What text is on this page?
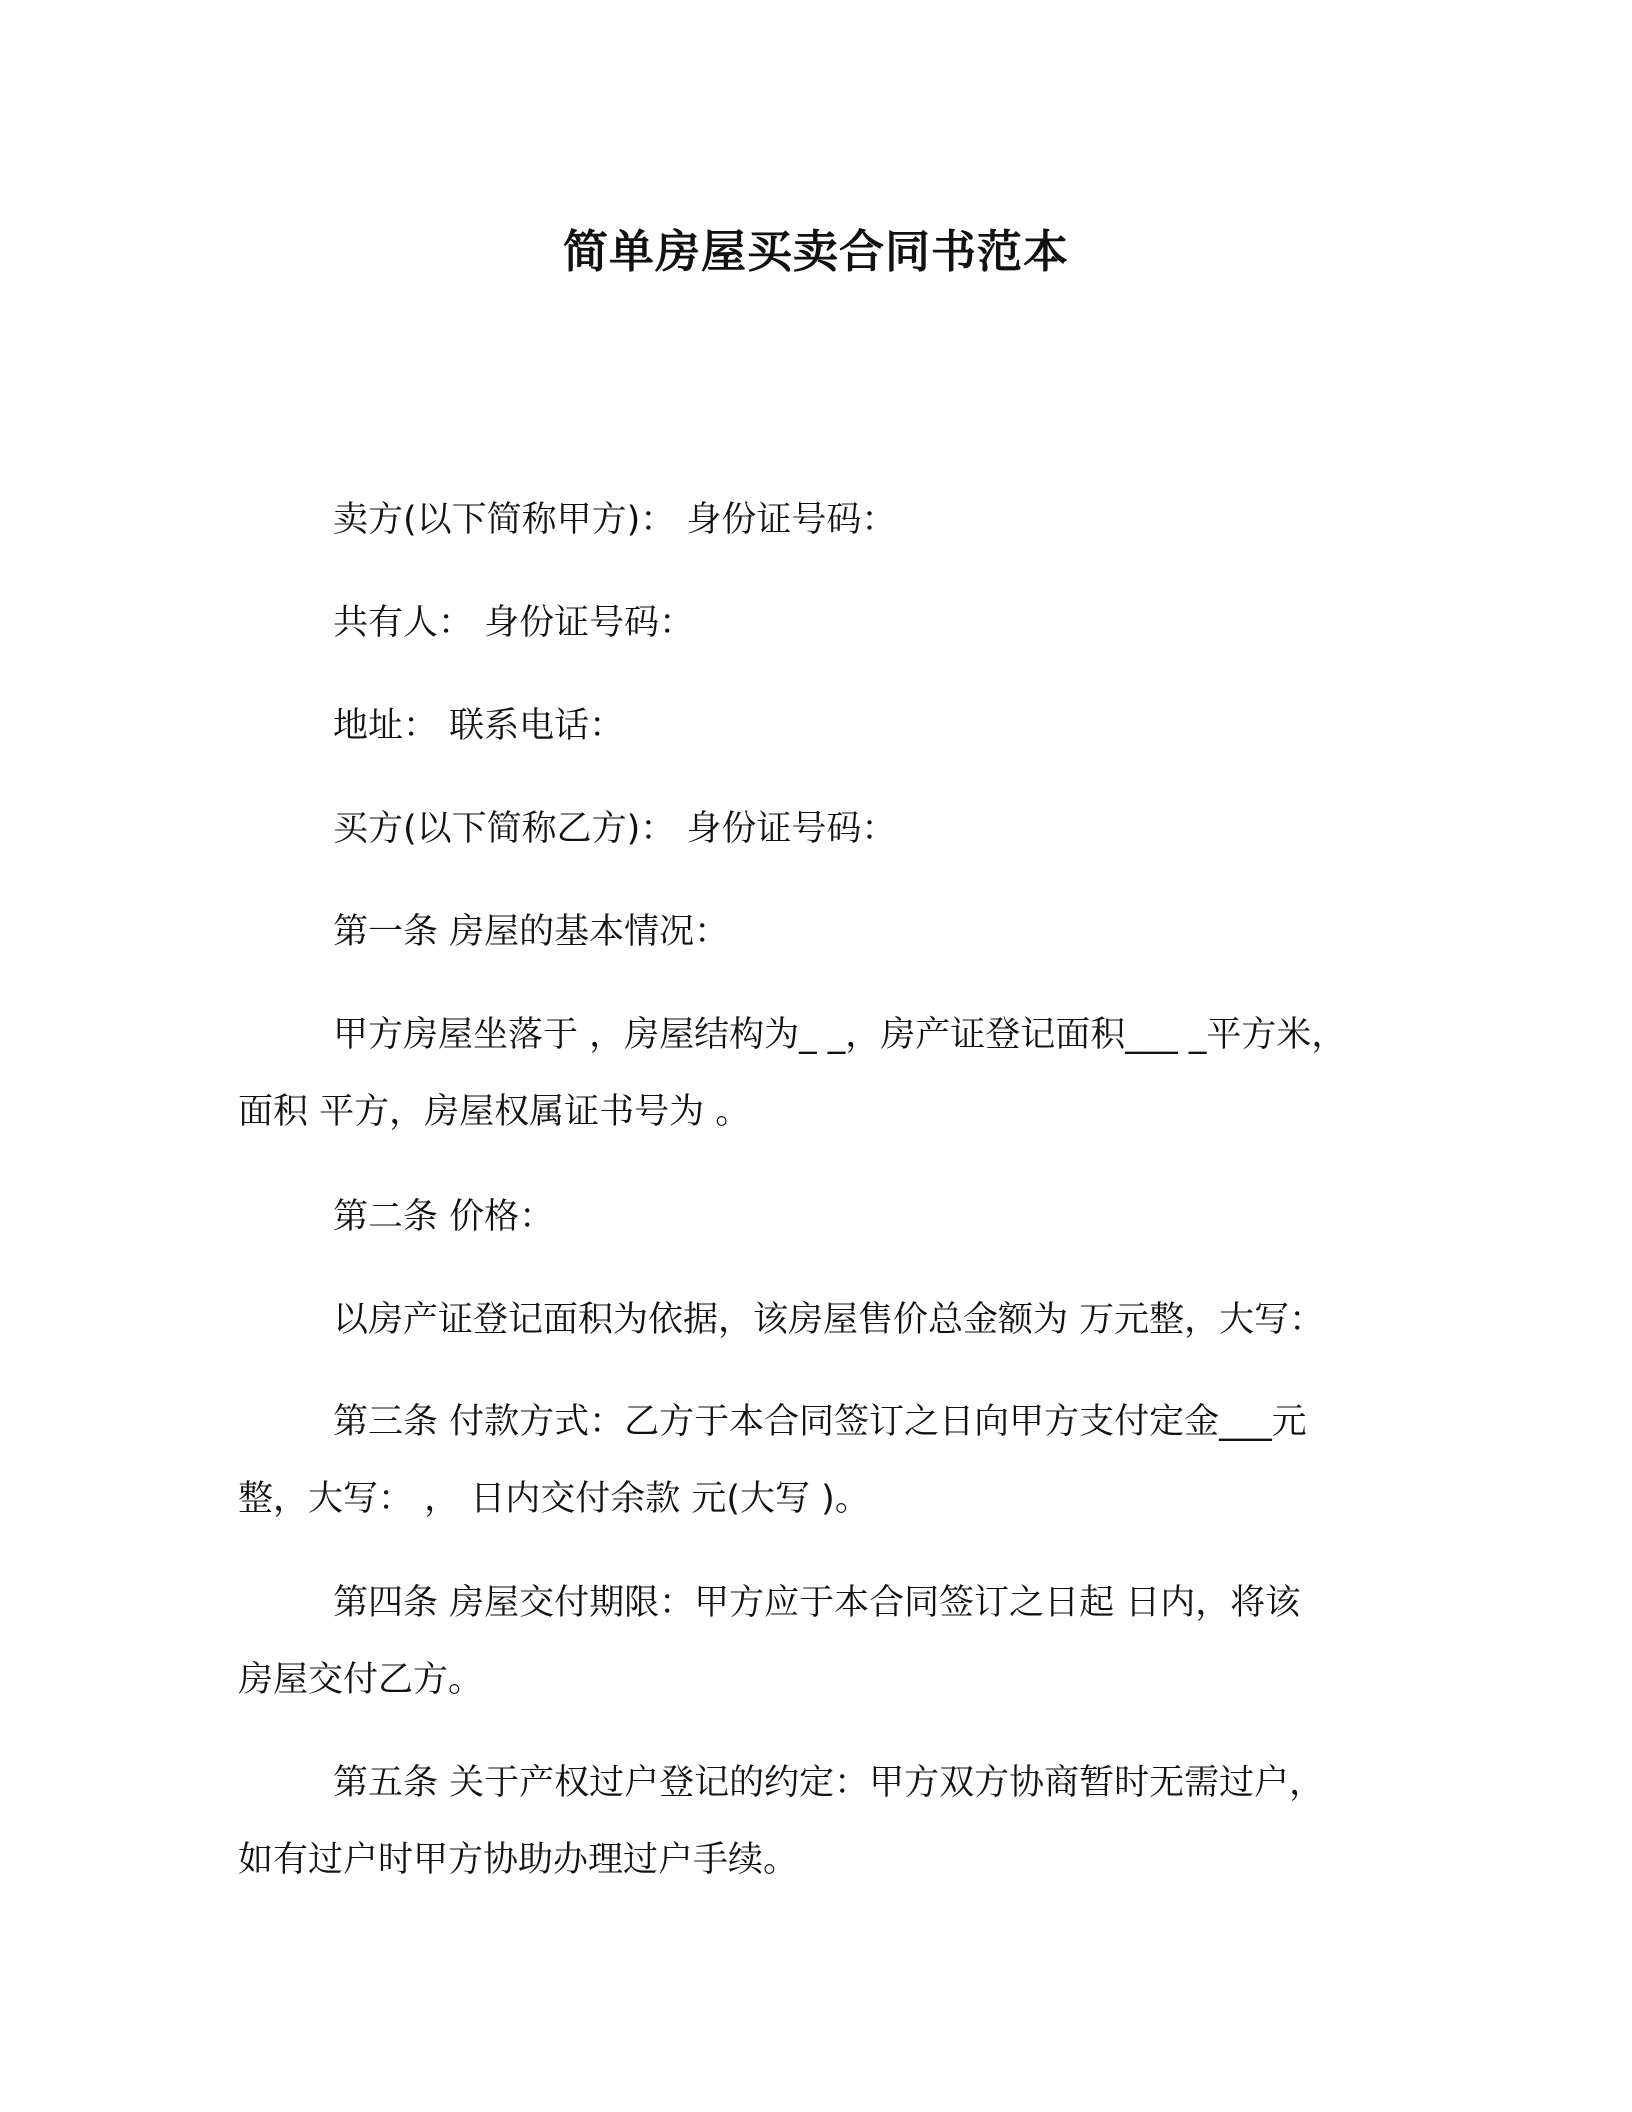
简单房屋买卖合同书范本
卖方(以下简称甲方)： 身份证号码：
共有人： 身份证号码：
地址： 联系电话：
买方(以下简称乙方)： 身份证号码：
第一条 房屋的基本情况：
甲方房屋坐落于 ，房屋结构为_ _，房产证登记面积___ _平方米，
面积 平方，房屋权属证书号为 。
第二条 价格：
以房产证登记面积为依据，该房屋售价总金额为 万元整，大写：
第三条 付款方式：乙方于本合同签订之日向甲方支付定金___元
整，大写： ， 日内交付余款 元(大写 )。
第四条 房屋交付期限：甲方应于本合同签订之日起 日内，将该
房屋交付乙方。
第五条 关于产权过户登记的约定：甲方双方协商暂时无需过户，
如有过户时甲方协助办理过户手续。
